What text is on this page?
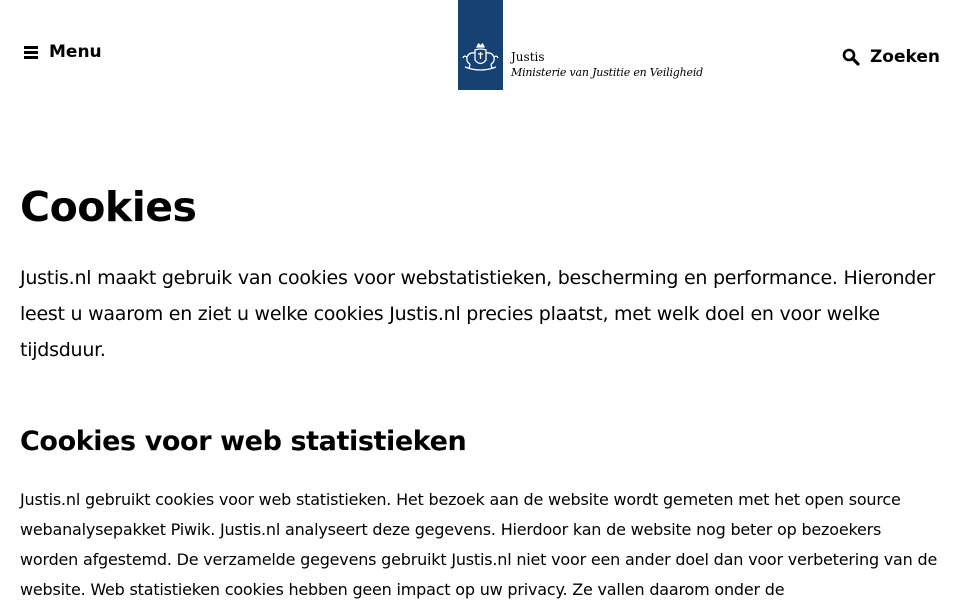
Menu	Justis
Ministerie van Justitie en Veiligheid
Zoeken
Cookies

Justis.nl maakt gebruik van cookies voor webstatistieken, bescherming en performance. Hieronder leest u waarom en ziet u welke cookies Justis.nl precies plaatst, met welk doel en voor welke tijdsduur.

Cookies voor web statistieken

Justis.nl gebruikt cookies voor web statistieken. Het bezoek aan de website wordt gemeten met het open source webanalysepakket Piwik. Justis.nl analyseert deze gegevens. Hierdoor kan de website nog beter op bezoekers worden afgestemd. De verzamelde gegevens gebruikt Justis.nl niet voor een ander doel dan voor verbetering van de website. Web statistieken cookies hebben geen impact op uw privacy. Ze vallen daarom onder de
